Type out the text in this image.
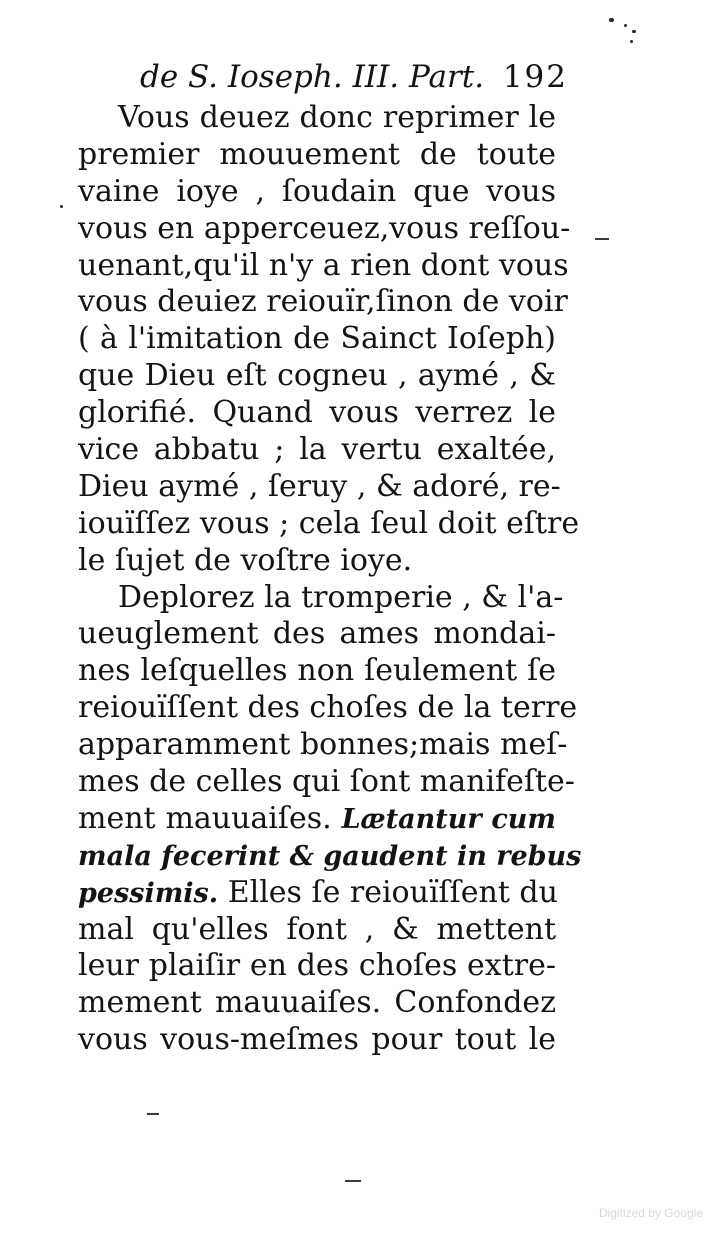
de S. Ioseph. III. Part. 192
Vous deuez donc reprimer le
premier mouuement de toute
vaine ioye , ſoudain que vous
vous en apperceuez,vous reſſou-
uenant,qu'il n'y a rien dont vous
vous deuiez reiouïr,ſinon de voir
( à l'imitation de Sainct Ioſeph)
que Dieu eſt cogneu , aymé , &
glorifié. Quand vous verrez le
vice abbatu ; la vertu exaltée,
Dieu aymé , ſeruy , & adoré, re-
iouïſſez vous ; cela ſeul doit eſtre
le ſujet de voſtre ioye.
Deplorez la tromperie , & l'a-
ueuglement des ames mondai-
nes leſquelles non ſeulement ſe
reiouïſſent des choſes de la terre
apparamment bonnes;mais meſ-
mes de celles qui ſont manifeſte-
ment mauuaiſes. Lætantur cum
mala fecerint & gaudent in rebus
pessimis. Elles ſe reiouïſſent du
mal qu'elles font , & mettent
leur plaiſir en des choſes extre-
mement mauuaiſes. Confondez
vous vous-meſmes pour tout le
Digitized by Google
